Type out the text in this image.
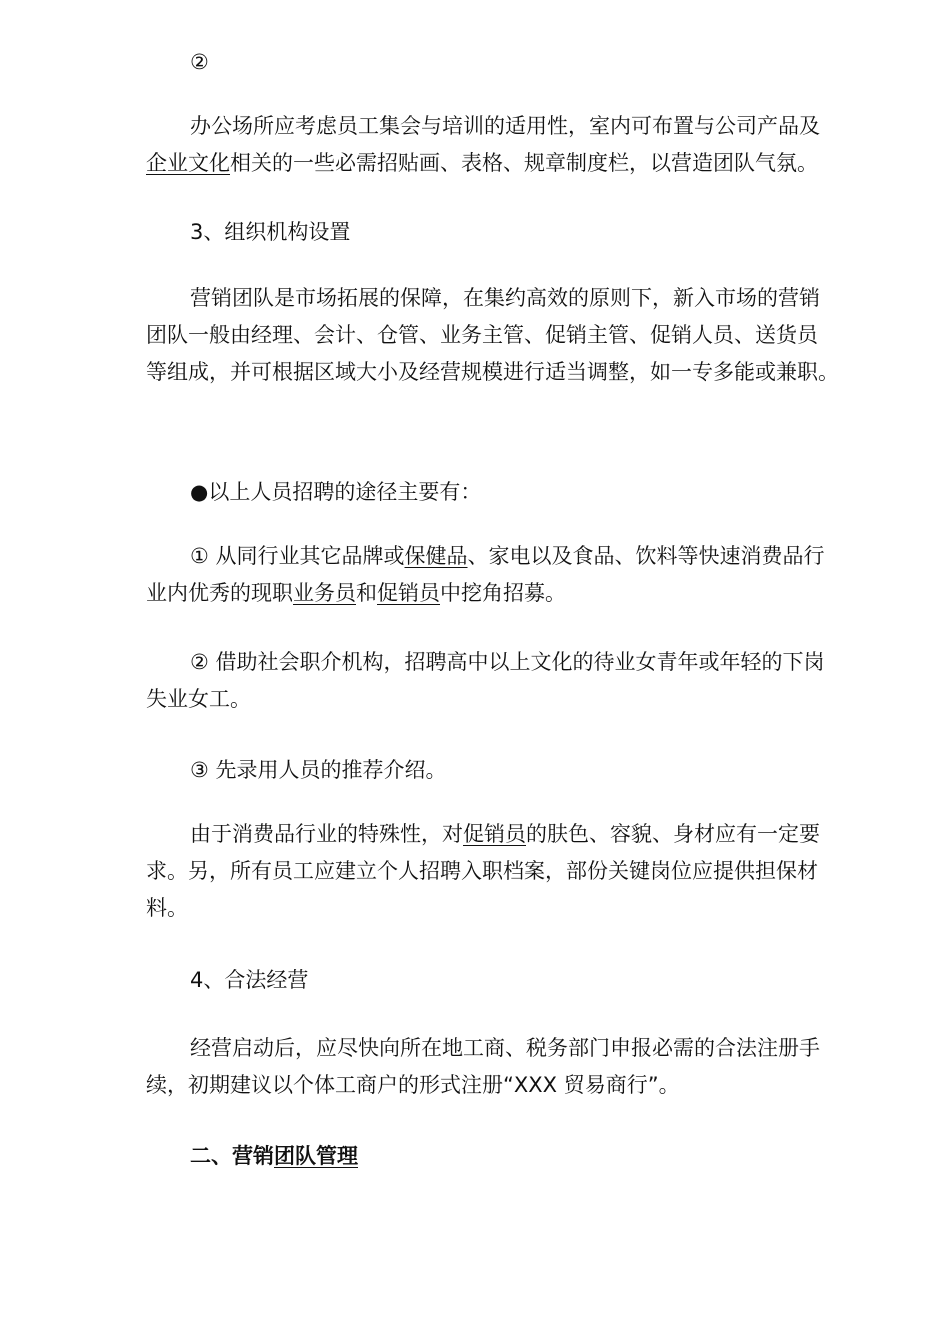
②

办公场所应考虑员工集会与培训的适用性，室内可布置与公司产品及
企业文化相关的一些必需招贴画、表格、规章制度栏，以营造团队气氛。

3、组织机构设置

营销团队是市场拓展的保障，在集约高效的原则下，新入市场的营销
团队一般由经理、会计、仓管、业务主管、促销主管、促销人员、送货员
等组成，并可根据区域大小及经营规模进行适当调整，如一专多能或兼职。

●以上人员招聘的途径主要有：

① 从同行业其它品牌或保健品、家电以及食品、饮料等快速消费品行
业内优秀的现职业务员和促销员中挖角招募。

② 借助社会职介机构，招聘高中以上文化的待业女青年或年轻的下岗
失业女工。

③ 先录用人员的推荐介绍。

由于消费品行业的特殊性，对促销员的肤色、容貌、身材应有一定要
求。另，所有员工应建立个人招聘入职档案，部份关键岗位应提供担保材
料。

4、合法经营

经营启动后，应尽快向所在地工商、税务部门申报必需的合法注册手
续，初期建议以个体工商户的形式注册“XXX 贸易商行”。

二、营销团队管理
